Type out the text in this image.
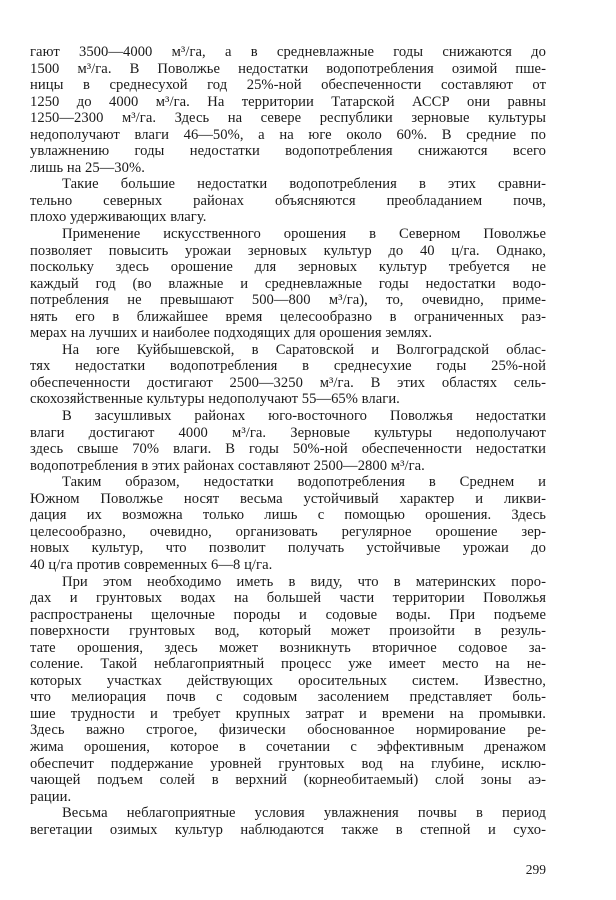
гают 3500—4000 м³/га, а в средневлажные годы снижаются до
1500 м³/га. В Поволжье недостатки водопотребления озимой пше-
ницы в среднесухой год 25%-ной обеспеченности составляют от
1250 до 4000 м³/га. На территории Татарской АССР они равны
1250—2300 м³/га. Здесь на севере республики зерновые культуры
недополучают влаги 46—50%, а на юге около 60%. В средние по
увлажнению годы недостатки водопотребления снижаются всего
лишь на 25—30%.
Такие большие недостатки водопотребления в этих сравни-
тельно северных районах объясняются преобладанием почв,
плохо удерживающих влагу.
Применение искусственного орошения в Северном Поволжье
позволяет повысить урожаи зерновых культур до 40 ц/га. Однако,
поскольку здесь орошение для зерновых культур требуется не
каждый год (во влажные и средневлажные годы недостатки водо-
потребления не превышают 500—800 м³/га), то, очевидно, приме-
нять его в ближайшее время целесообразно в ограниченных раз-
мерах на лучших и наиболее подходящих для орошения землях.
На юге Куйбышевской, в Саратовской и Волгоградской облас-
тях недостатки водопотребления в среднесухие годы 25%-ной
обеспеченности достигают 2500—3250 м³/га. В этих областях сель-
скохозяйственные культуры недополучают 55—65% влаги.
В засушливых районах юго-восточного Поволжья недостатки
влаги достигают 4000 м³/га. Зерновые культуры недополучают
здесь свыше 70% влаги. В годы 50%-ной обеспеченности недостатки
водопотребления в этих районах составляют 2500—2800 м³/га.
Таким образом, недостатки водопотребления в Среднем и
Южном Поволжье носят весьма устойчивый характер и ликви-
дация их возможна только лишь с помощью орошения. Здесь
целесообразно, очевидно, организовать регулярное орошение зер-
новых культур, что позволит получать устойчивые урожаи до
40 ц/га против современных 6—8 ц/га.
При этом необходимо иметь в виду, что в материнских поро-
дах и грунтовых водах на большей части территории Поволжья
распространены щелочные породы и содовые воды. При подъеме
поверхности грунтовых вод, который может произойти в резуль-
тате орошения, здесь может возникнуть вторичное содовое за-
соление. Такой неблагоприятный процесс уже имеет место на не-
которых участках действующих оросительных систем. Известно,
что мелиорация почв с содовым засолением представляет боль-
шие трудности и требует крупных затрат и времени на промывки.
Здесь важно строгое, физически обоснованное нормирование ре-
жима орошения, которое в сочетании с эффективным дренажом
обеспечит поддержание уровней грунтовых вод на глубине, исклю-
чающей подъем солей в верхний (корнеобитаемый) слой зоны аэ-
рации.
Весьма неблагоприятные условия увлажнения почвы в период
вегетации озимых культур наблюдаются также в степной и сухо-
299
